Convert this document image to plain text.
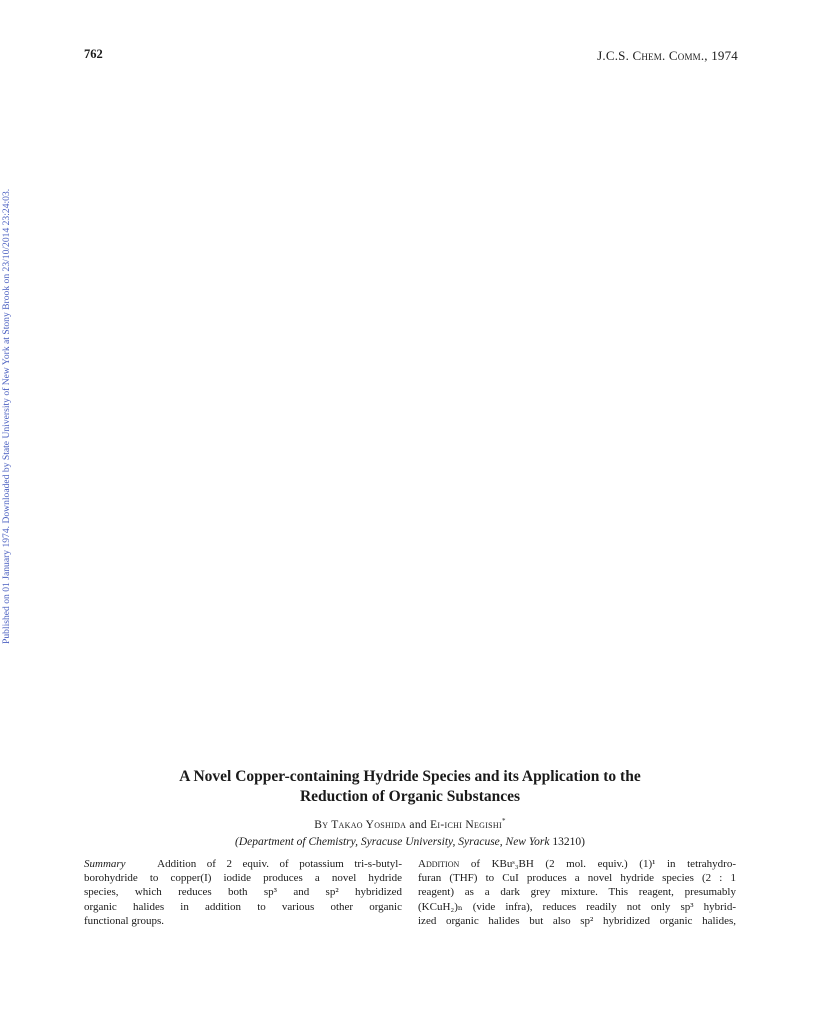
762	J.C.S. Chem. Comm., 1974
Published on 01 January 1974. Downloaded by State University of New York at Stony Brook on 23/10/2014 23:24:03.
A Novel Copper-containing Hydride Species and its Application to the
Reduction of Organic Substances
By Takao Yoshida and Ei-ichi Negishi*
(Department of Chemistry, Syracuse University, Syracuse, New York 13210)
Summary	Addition of 2 equiv. of potassium tri-s-butyl-
borohydride to copper(I) iodide produces a novel hydride
species, which reduces both sp³ and sp² hybridized
organic halides in addition to various other organic
functional groups.
Addition of KBuˢ₃BH (2 mol. equiv.) (1)¹ in tetrahydro-
furan (THF) to CuI produces a novel hydride species (2 : 1
reagent) as a dark grey mixture. This reagent, presumably
(KCuH₂)ₙ (vide infra), reduces readily not only sp³ hybrid-
ized organic halides but also sp² hybridized organic halides,
